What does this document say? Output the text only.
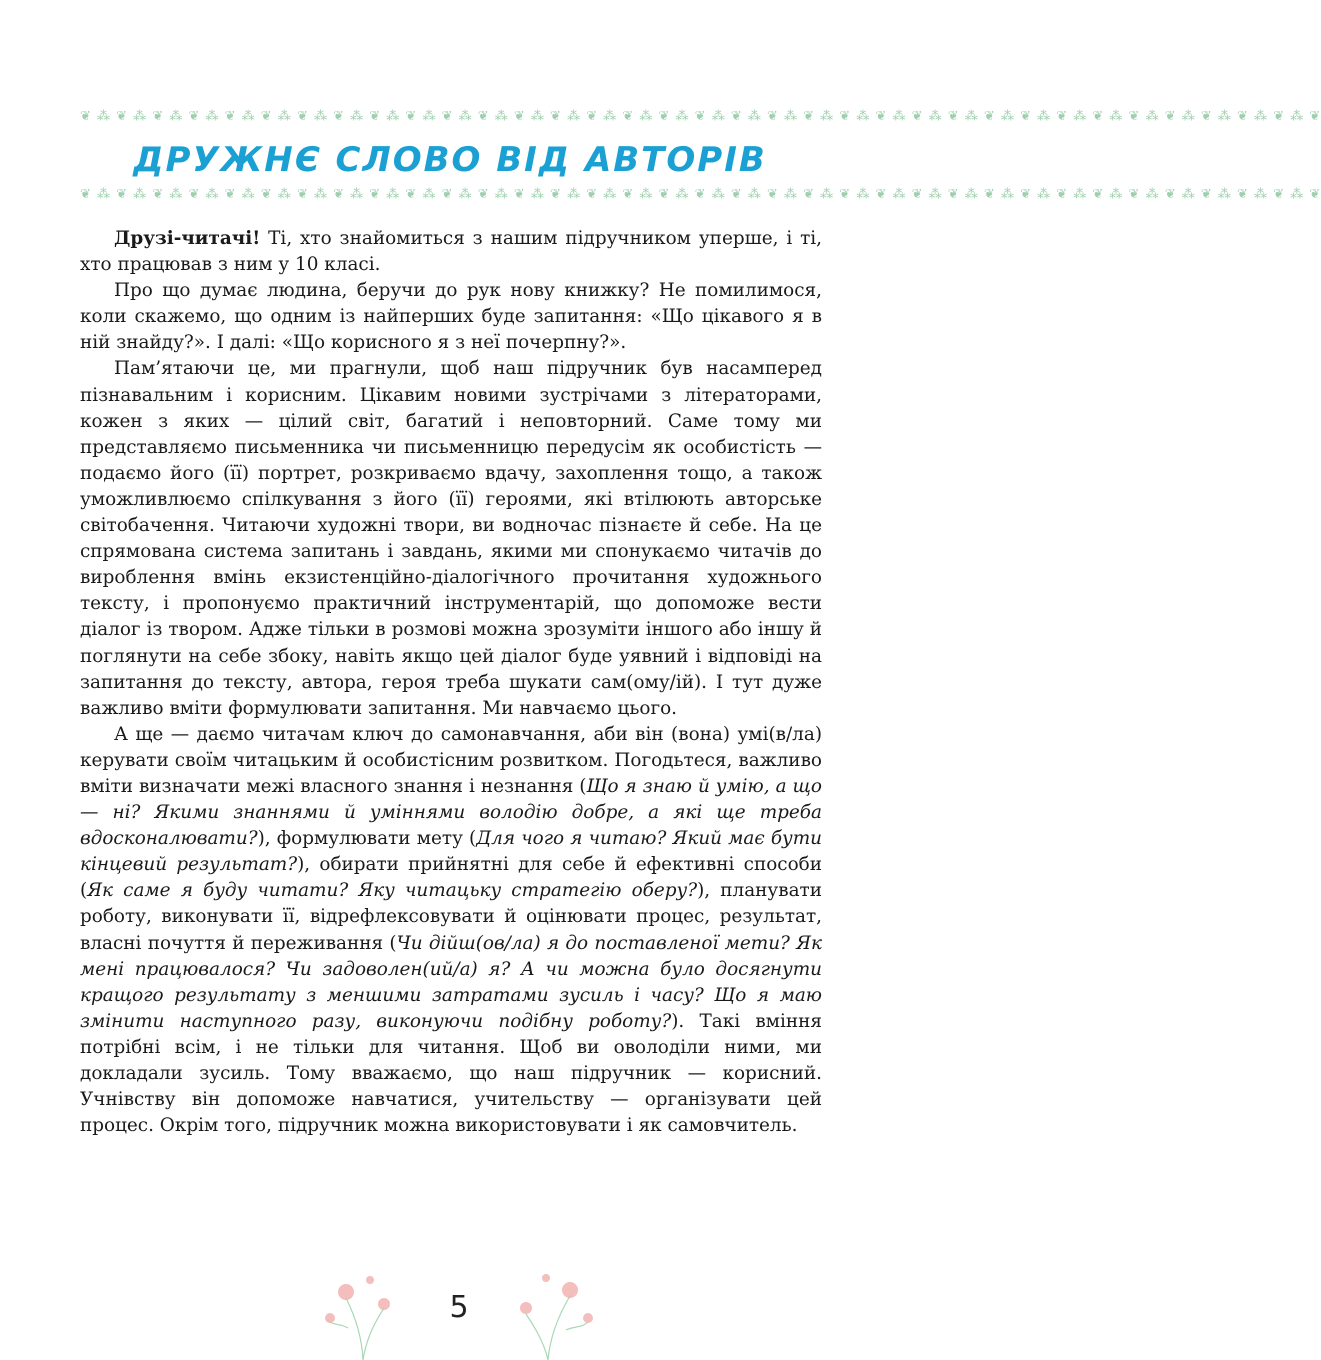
❦ ⁂ ❦ ⁂ ❦ ⁂ ❦ ⁂ ❦ ⁂ ❦ ⁂ ❦ ⁂ ❦ ⁂ ❦ ⁂ ❦ ⁂ ❦ ⁂ ❦ ⁂ ❦ ⁂ ❦ ⁂ ❦ ⁂ ❦ ⁂ ❦ ⁂ ❦ ⁂ ❦ ⁂ ❦ ⁂ ❦ ⁂ ❦ ⁂ ❦ ⁂ ❦ ⁂ ❦ ⁂ ❦ ⁂ ❦ ⁂ ❦ ⁂ ❦ ⁂ ❦ ⁂ ❦ ⁂ ❦ ⁂ ❦ ⁂ ❦ ⁂ ❦
ДРУЖНЄ СЛОВО ВІД АВТОРІВ
❦ ⁂ ❦ ⁂ ❦ ⁂ ❦ ⁂ ❦ ⁂ ❦ ⁂ ❦ ⁂ ❦ ⁂ ❦ ⁂ ❦ ⁂ ❦ ⁂ ❦ ⁂ ❦ ⁂ ❦ ⁂ ❦ ⁂ ❦ ⁂ ❦ ⁂ ❦ ⁂ ❦ ⁂ ❦ ⁂ ❦ ⁂ ❦ ⁂ ❦ ⁂ ❦ ⁂ ❦ ⁂ ❦ ⁂ ❦ ⁂ ❦ ⁂ ❦ ⁂ ❦ ⁂ ❦ ⁂ ❦ ⁂ ❦ ⁂ ❦ ⁂ ❦

Друзі-читачі! Ті, хто знайомиться з нашим підручником уперше, і ті, хто працював з ним у 10 класі.

Про що думає людина, беручи до рук нову книжку? Не помилимося, коли скажемо, що одним із найперших буде запитання: «Що цікавого я в ній знайду?». І далі: «Що корисного я з неї почерпну?».

Пам’ятаючи це, ми прагнули, щоб наш підручник був насамперед пізнавальним і корисним. Цікавим новими зустрічами з літераторами, кожен з яких — цілий світ, багатий і неповторний. Саме тому ми представляємо письменника чи письменницю передусім як особистість — подаємо його (її) портрет, розкриваємо вдачу, захоплення тощо, а також уможливлюємо спілкування з його (її) героями, які втілюють авторське світобачення. Читаючи художні твори, ви водночас пізнаєте й себе. На це спрямована система запитань і завдань, якими ми спонукаємо читачів до вироблення вмінь екзистенційно-діалогічного прочитання художнього тексту, і пропонуємо практичний інструментарій, що допоможе вести діалог із твором. Адже тільки в розмові можна зрозуміти іншого або іншу й поглянути на себе збоку, навіть якщо цей діалог буде уявний і відповіді на запитання до тексту, автора, героя треба шукати сам(ому/ій). І тут дуже важливо вміти формулювати запитання. Ми навчаємо цього.

А ще — даємо читачам ключ до самонавчання, аби він (вона) умі(в/ла) керувати своїм читацьким й особистісним розвитком. Погодьтеся, важливо вміти визначати межі власного знання і незнання (Що я знаю й умію, а що — ні? Якими знаннями й уміннями володію добре, а які ще треба вдосконалювати?), формулювати мету (Для чого я читаю? Який має бути кінцевий результат?), обирати прийнятні для себе й ефективні способи (Як саме я буду читати? Яку читацьку стратегію оберу?), планувати роботу, виконувати її, відрефлексовувати й оцінювати процес, результат, власні почуття й переживання (Чи дійш(ов/ла) я до поставленої мети? Як мені працювалося? Чи задоволен(ий/а) я? А чи можна було досягнути кращого результату з меншими затратами зусиль і часу? Що я маю змінити наступного разу, виконуючи подібну роботу?). Такі вміння потрібні всім, і не тільки для читання. Щоб ви оволоділи ними, ми докладали зусиль. Тому вважаємо, що наш підручник — корисний. Учнівству він допоможе навчатися, учительству — організувати цей процес. Окрім того, підручник можна використовувати і як самовчитель.

5
